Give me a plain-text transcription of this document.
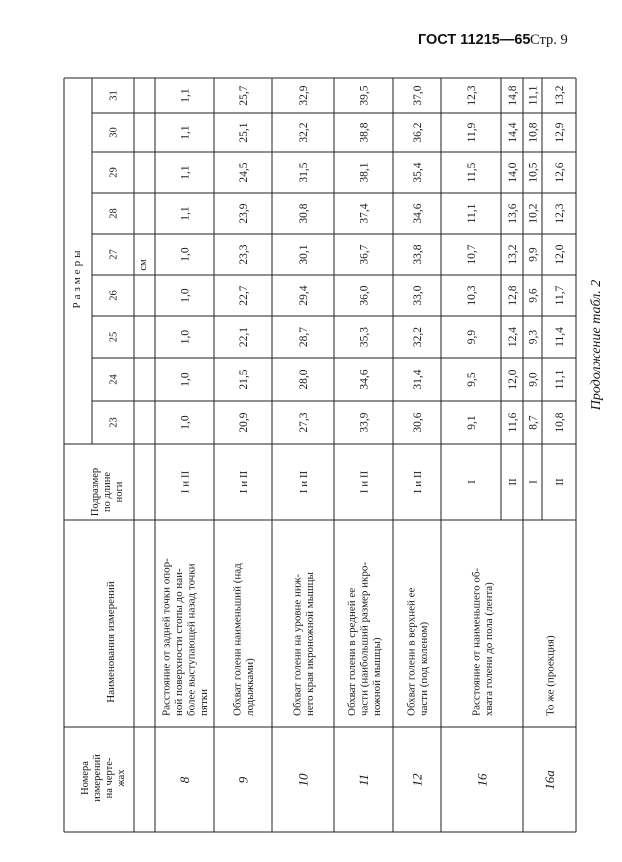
ГОСТ 11215—65 Стр. 9
Продолжение табл. 2
Номера измерений на черте- жах
Наименования измерений
Подразмер по длине ноги
Размеры	см
23
24
25
26
27
28
29
30
31
8
Расстояние от задней точки опор- ной поверхности стопы до наи- более выступающей назад точки пятки
I и II
1,0
1,0
1,0
1,0
1,0
1,1
1,1
1,1
1,1
9
Обхват голени наименьший (над лодыжками)
I и II
20,9
21,5
22,1
22,7
23,3
23,9
24,5
25,1
25,7
10
Обхват голени на уровне ниж- него края икроножной мышцы
I и II
27,3
28,0
28,7
29,4
30,1
30,8
31,5
32,2
32,9
11
Обхват голени в средней ее части (наибольший размер икро- ножной мышцы)
I и II
33,9
34,6
35,3
36,0
36,7
37,4
38,1
38,8
39,5
12
Обхват голени в верхней ее части (под коленом)
I и II
30,6
31,4
32,2
33,0
33,8
34,6
35,4
36,2
37,0
16
Расстояние от наименьшего об- хвата голени до пола (лента)
I
9,1
9,5
9,9
10,3
10,7
11,1
11,5
11,9
12,3
II
11,6
12,0
12,4
12,8
13,2
13,6
14,0
14,4
14,8
16а
То же (проекция)
I
8,7
9,0
9,3
9,6
9,9
10,2
10,5
10,8
11,1
II
10,8
11,1
11,4
11,7
12,0
12,3
12,6
12,9
13,2
